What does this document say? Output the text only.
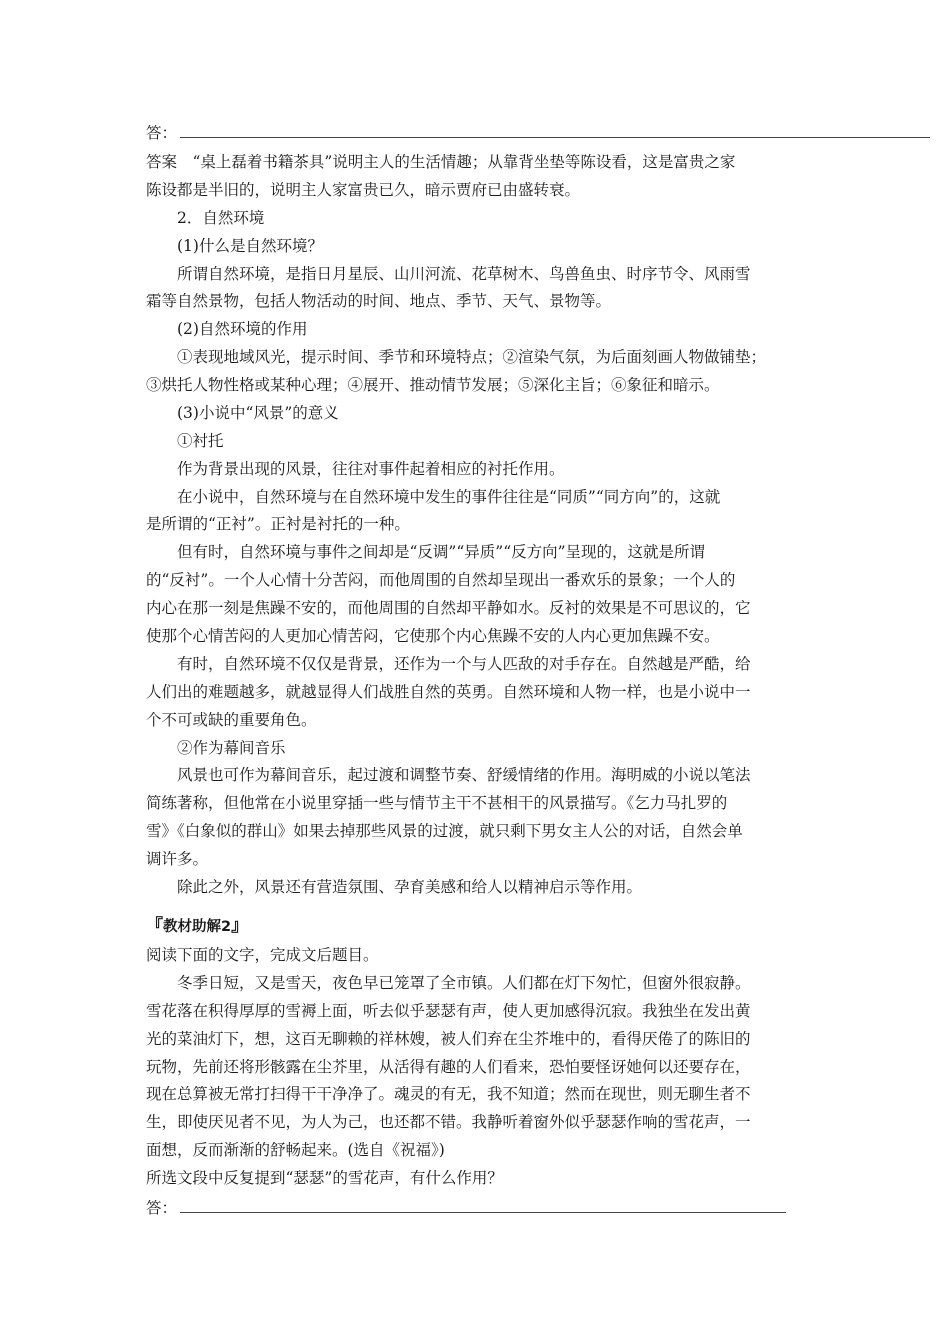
答：
答案　“桌上磊着书籍茶具”说明主人的生活情趣；从靠背坐垫等陈设看，这是富贵之家
陈设都是半旧的，说明主人家富贵已久，暗示贾府已由盛转衰。
2．自然环境
(1)什么是自然环境？
所谓自然环境，是指日月星辰、山川河流、花草树木、鸟兽鱼虫、时序节令、风雨雪
霜等自然景物，包括人物活动的时间、地点、季节、天气、景物等。
(2)自然环境的作用
①表现地域风光，提示时间、季节和环境特点；②渲染气氛，为后面刻画人物做铺垫；
③烘托人物性格或某种心理；④展开、推动情节发展；⑤深化主旨；⑥象征和暗示。
(3)小说中“风景”的意义
①衬托
作为背景出现的风景，往往对事件起着相应的衬托作用。
在小说中，自然环境与在自然环境中发生的事件往往是“同质”“同方向”的，这就
是所谓的“正衬”。正衬是衬托的一种。
但有时，自然环境与事件之间却是“反调”“异质”“反方向”呈现的，这就是所谓
的“反衬”。一个人心情十分苦闷，而他周围的自然却呈现出一番欢乐的景象；一个人的
内心在那一刻是焦躁不安的，而他周围的自然却平静如水。反衬的效果是不可思议的，它
使那个心情苦闷的人更加心情苦闷，它使那个内心焦躁不安的人内心更加焦躁不安。
有时，自然环境不仅仅是背景，还作为一个与人匹敌的对手存在。自然越是严酷，给
人们出的难题越多，就越显得人们战胜自然的英勇。自然环境和人物一样，也是小说中一
个不可或缺的重要角色。
②作为幕间音乐
风景也可作为幕间音乐，起过渡和调整节奏、舒缓情绪的作用。海明威的小说以笔法
简练著称，但他常在小说里穿插一些与情节主干不甚相干的风景描写。《乞力马扎罗的
雪》《白象似的群山》如果去掉那些风景的过渡，就只剩下男女主人公的对话，自然会单
调许多。
除此之外，风景还有营造氛围、孕育美感和给人以精神启示等作用。
『教材助解2』
阅读下面的文字，完成文后题目。
冬季日短，又是雪天，夜色早已笼罩了全市镇。人们都在灯下匆忙，但窗外很寂静。
雪花落在积得厚厚的雪褥上面，听去似乎瑟瑟有声，使人更加感得沉寂。我独坐在发出黄
光的菜油灯下，想，这百无聊赖的祥林嫂，被人们弃在尘芥堆中的，看得厌倦了的陈旧的
玩物，先前还将形骸露在尘芥里，从活得有趣的人们看来，恐怕要怪讶她何以还要存在，
现在总算被无常打扫得干干净净了。魂灵的有无，我不知道；然而在现世，则无聊生者不
生，即使厌见者不见，为人为己，也还都不错。我静听着窗外似乎瑟瑟作响的雪花声，一
面想，反而渐渐的舒畅起来。(选自《祝福》)
所选文段中反复提到“瑟瑟”的雪花声，有什么作用？
答：
